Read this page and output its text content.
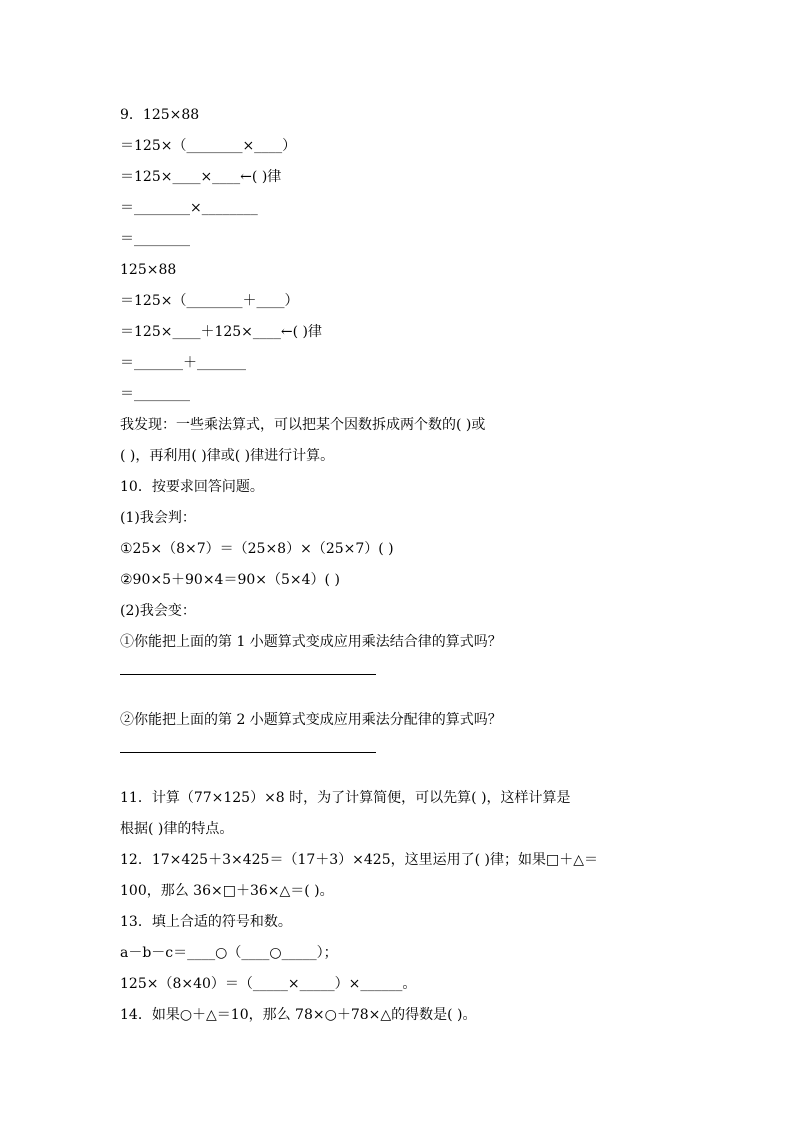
9．125×88
＝125×（________×____）
＝125×____×____←( )律
＝________×________
＝________
125×88
＝125×（________＋____）
＝125×____＋125×____←( )律
＝_______＋_______
＝________
我发现：一些乘法算式，可以把某个因数拆成两个数的( )或
( )，再利用( )律或( )律进行计算。
10．按要求回答问题。
(1)我会判：
①25×（8×7）＝（25×8）×（25×7）( )
②90×5＋90×4＝90×（5×4）( )
(2)我会变：
①你能把上面的第 1 小题算式变成应用乘法结合律的算式吗？
②你能把上面的第 2 小题算式变成应用乘法分配律的算式吗？
11．计算（77×125）×8 时，为了计算简便，可以先算( )，这样计算是
根据( )律的特点。
12．17×425＋3×425＝（17＋3）×425，这里运用了( )律；如果□＋△＝
100，那么 36×□＋36×△＝( )。
13．填上合适的符号和数。
a－b－c＝____○（____○_____）；
125×（8×40）＝（_____×_____）×______。
14．如果○＋△＝10，那么 78×○＋78×△的得数是( )。
